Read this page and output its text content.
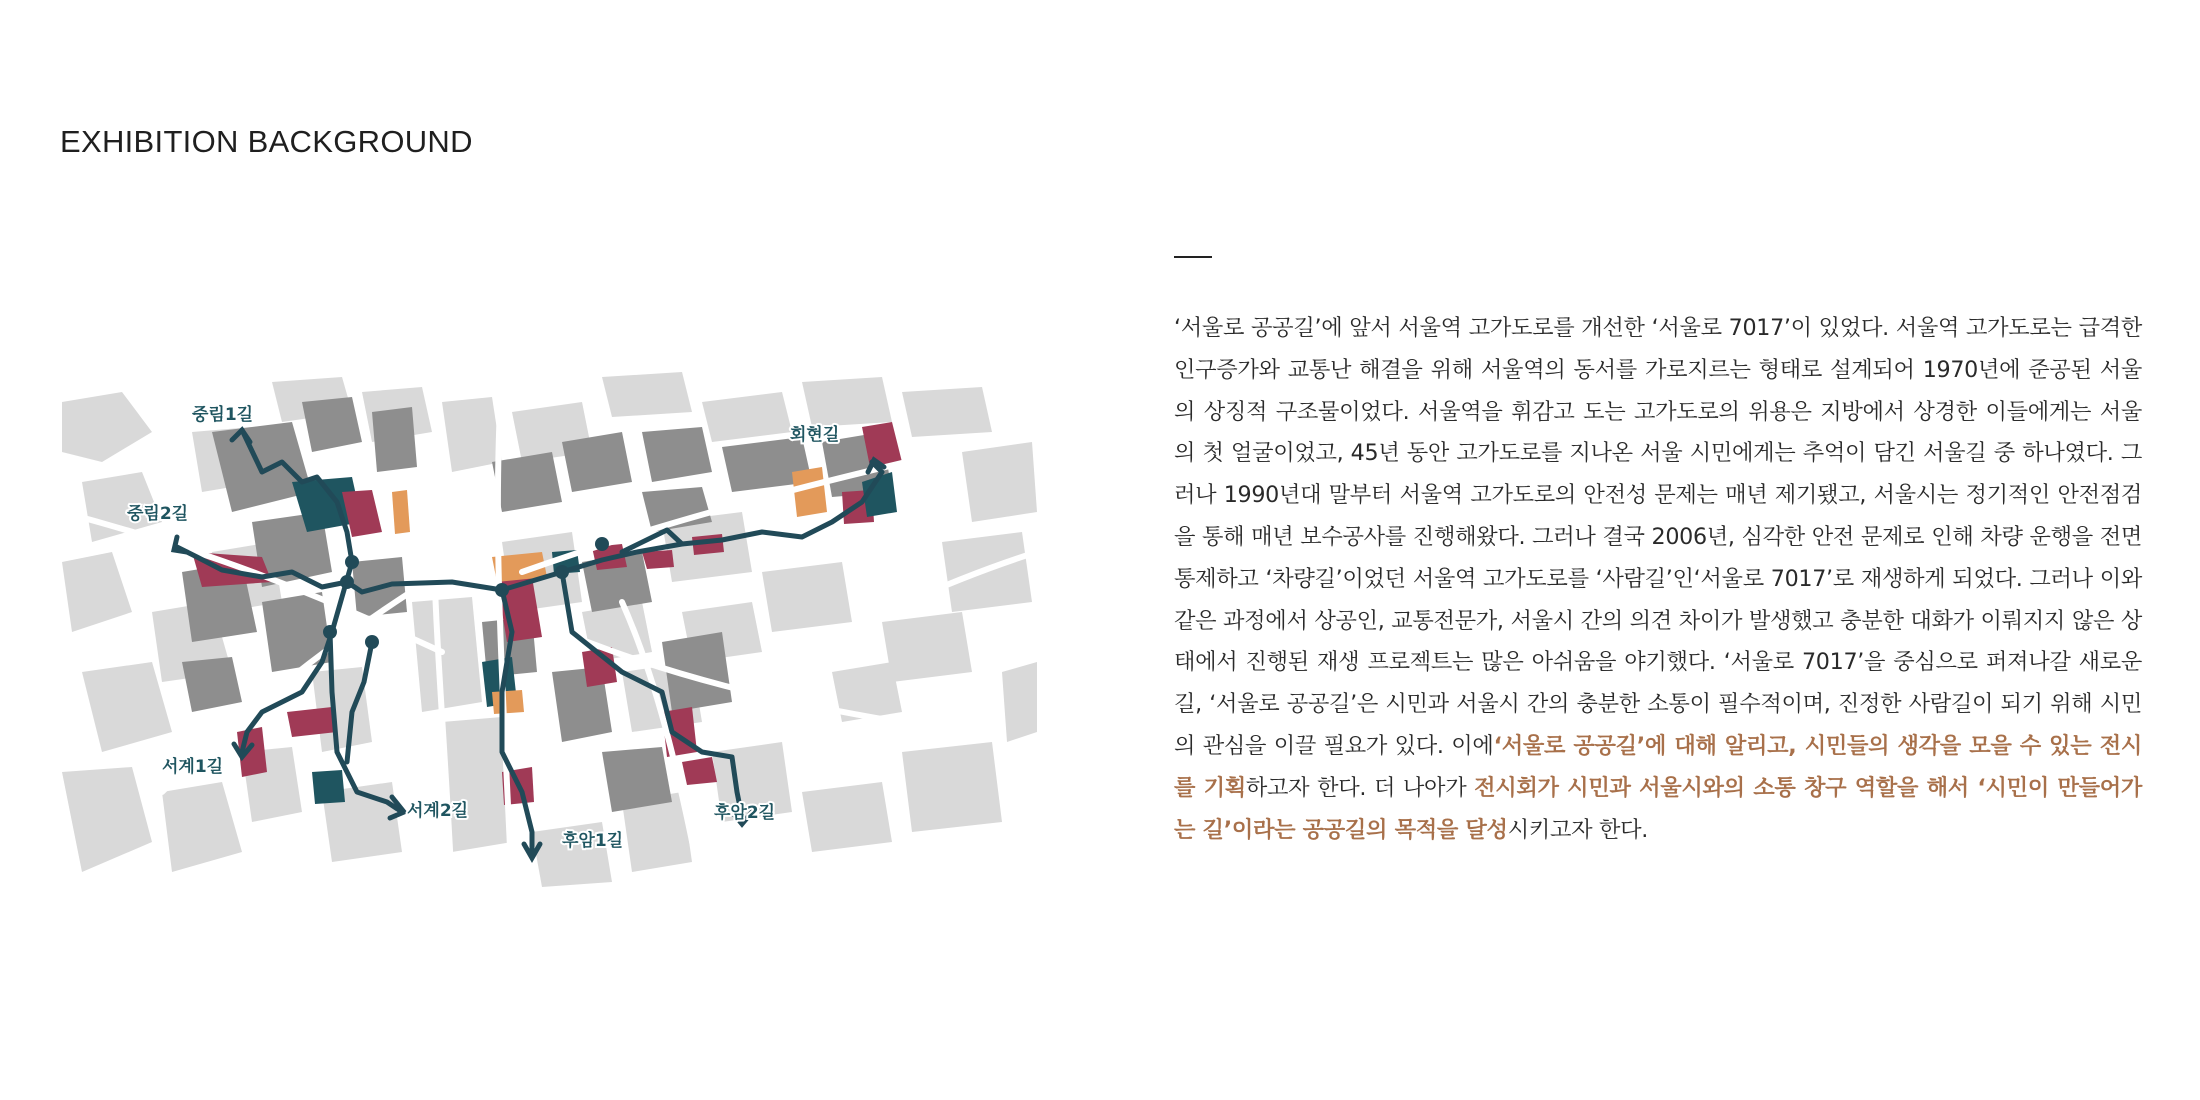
EXHIBITION BACKGROUND
중림1길
중림2길
서계1길
서계2길
후암1길
후암2길
회현길

‘서울로 공공길’에 앞서 서울역 고가도로를 개선한 ‘서울로 7017’이 있었다. 서울역 고가도로는 급격한 인구증가와 교통난 해결을 위해 서울역의 동서를 가로지르는 형태로 설계되어 1970년에 준공된 서울의 상징적 구조물이었다. 서울역을 휘감고 도는 고가도로의 위용은 지방에서 상경한 이들에게는 서울의 첫 얼굴이었고, 45년 동안 고가도로를 지나온 서울 시민에게는 추억이 담긴 서울길 중 하나였다. 그러나 1990년대 말부터 서울역 고가도로의 안전성 문제는 매년 제기됐고, 서울시는 정기적인 안전점검을 통해 매년 보수공사를 진행해왔다. 그러나 결국 2006년, 심각한 안전 문제로 인해 차량 운행을 전면 통제하고 ‘차량길’이었던 서울역 고가도로를 ‘사람길’인‘서울로 7017’로 재생하게 되었다. 그러나 이와 같은 과정에서 상공인, 교통전문가, 서울시 간의 의견 차이가 발생했고 충분한 대화가 이뤄지지 않은 상태에서 진행된 재생 프로젝트는 많은 아쉬움을 야기했다. ‘서울로 7017’을 중심으로 퍼져나갈 새로운 길, ‘서울로 공공길’은 시민과 서울시 간의 충분한 소통이 필수적이며, 진정한 사람길이 되기 위해 시민의 관심을 이끌 필요가 있다. 이에‘서울로 공공길’에 대해 알리고, 시민들의 생각을 모을 수 있는 전시를 기획하고자 한다. 더 나아가 전시회가 시민과 서울시와의 소통 창구 역할을 해서 ‘시민이 만들어가는 길’이라는 공공길의 목적을 달성시키고자 한다.
